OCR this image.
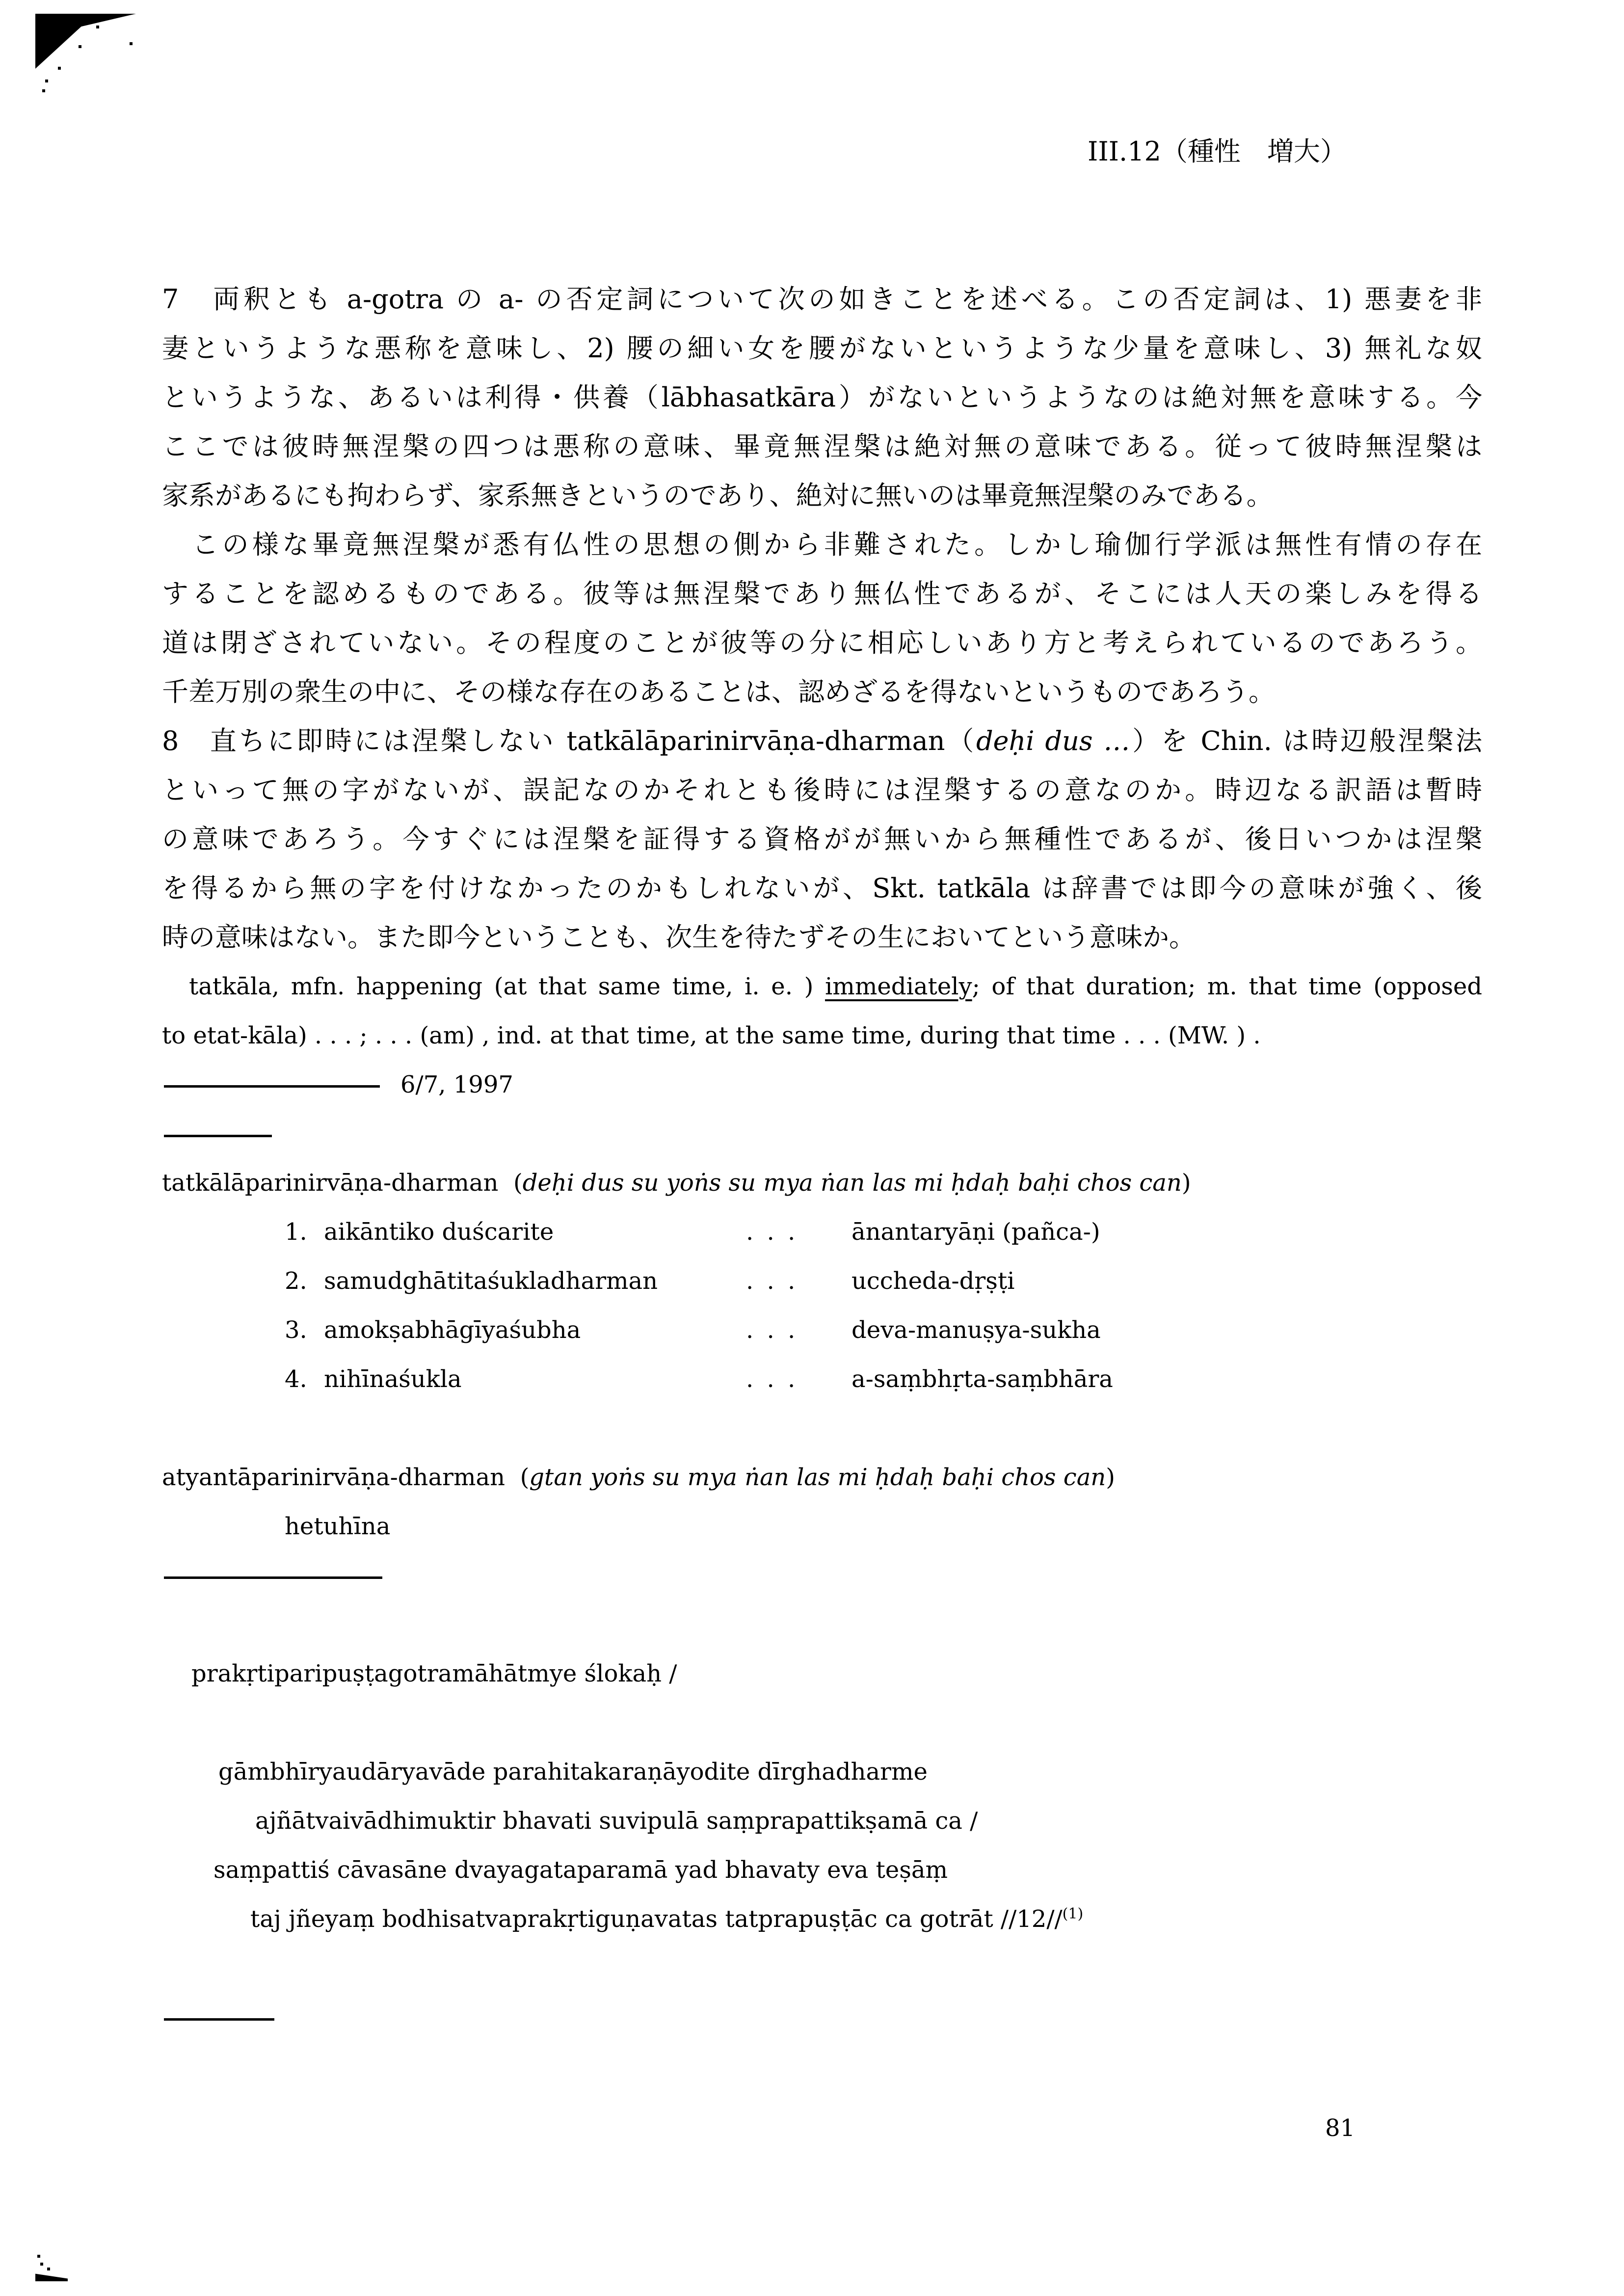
III.12（種性　増大）
7　両釈とも a-gotra の a- の否定詞について次の如きことを述べる。この否定詞は、1) 悪妻を非
妻というような悪称を意味し、2) 腰の細い女を腰がないというような少量を意味し、3) 無礼な奴
というような、あるいは利得・供養（lābhasatkāra）がないというようなのは絶対無を意味する。今
ここでは彼時無涅槃の四つは悪称の意味、畢竟無涅槃は絶対無の意味である。従って彼時無涅槃は
家系があるにも拘わらず、家系無きというのであり、絶対に無いのは畢竟無涅槃のみである。
　この様な畢竟無涅槃が悉有仏性の思想の側から非難された。しかし瑜伽行学派は無性有情の存在
することを認めるものである。彼等は無涅槃であり無仏性であるが、そこには人天の楽しみを得る
道は閉ざされていない。その程度のことが彼等の分に相応しいあり方と考えられているのであろう。
千差万別の衆生の中に、その様な存在のあることは、認めざるを得ないというものであろう。
8　直ちに即時には涅槃しない tatkālāparinirvāṇa-dharman（deḥi dus …）を Chin. は時辺般涅槃法
といって無の字がないが、誤記なのかそれとも後時には涅槃するの意なのか。時辺なる訳語は暫時
の意味であろう。今すぐには涅槃を証得する資格がが無いから無種性であるが、後日いつかは涅槃
を得るから無の字を付けなかったのかもしれないが、Skt. tatkāla は辞書では即今の意味が強く、後
時の意味はない。また即今ということも、次生を待たずその生においてという意味か。
tatkāla, mfn. happening (at that same time, i. e. ) immediately; of that duration; m. that time (opposed
to etat-kāla) . . . ; . . . (am) , ind. at that time, at the same time, during that time . . . (MW. ) .
6/7, 1997
tatkālāparinirvāṇa-dharman (deḥi dus su yoṅs su mya ṅan las mi ḥdaḥ baḥi chos can)
1. aikāntiko duścarite	. . .	ānantaryāṇi (pañca-)
2. samudghātitaśukladharman	. . .	uccheda-dṛṣṭi
3. amokṣabhāgīyaśubha	. . .	deva-manuṣya-sukha
4. nihīnaśukla	. . .	a-saṃbhṛta-saṃbhāra
atyantāparinirvāṇa-dharman (gtan yoṅs su mya ṅan las mi ḥdaḥ baḥi chos can)
hetuhīna
prakṛtiparipuṣṭagotramāhātmye ślokaḥ /
gāmbhīryaudāryavāde parahitakaraṇāyodite dīrghadharme
ajñātvaivādhimuktir bhavati suvipulā saṃprapattikṣamā ca /
saṃpattiś cāvasāne dvayagataparamā yad bhavaty eva teṣāṃ
taj jñeyaṃ bodhisatvaprakṛtiguṇavatas tatprapuṣṭāc ca gotrāt //12//$^{(1)}$
81
